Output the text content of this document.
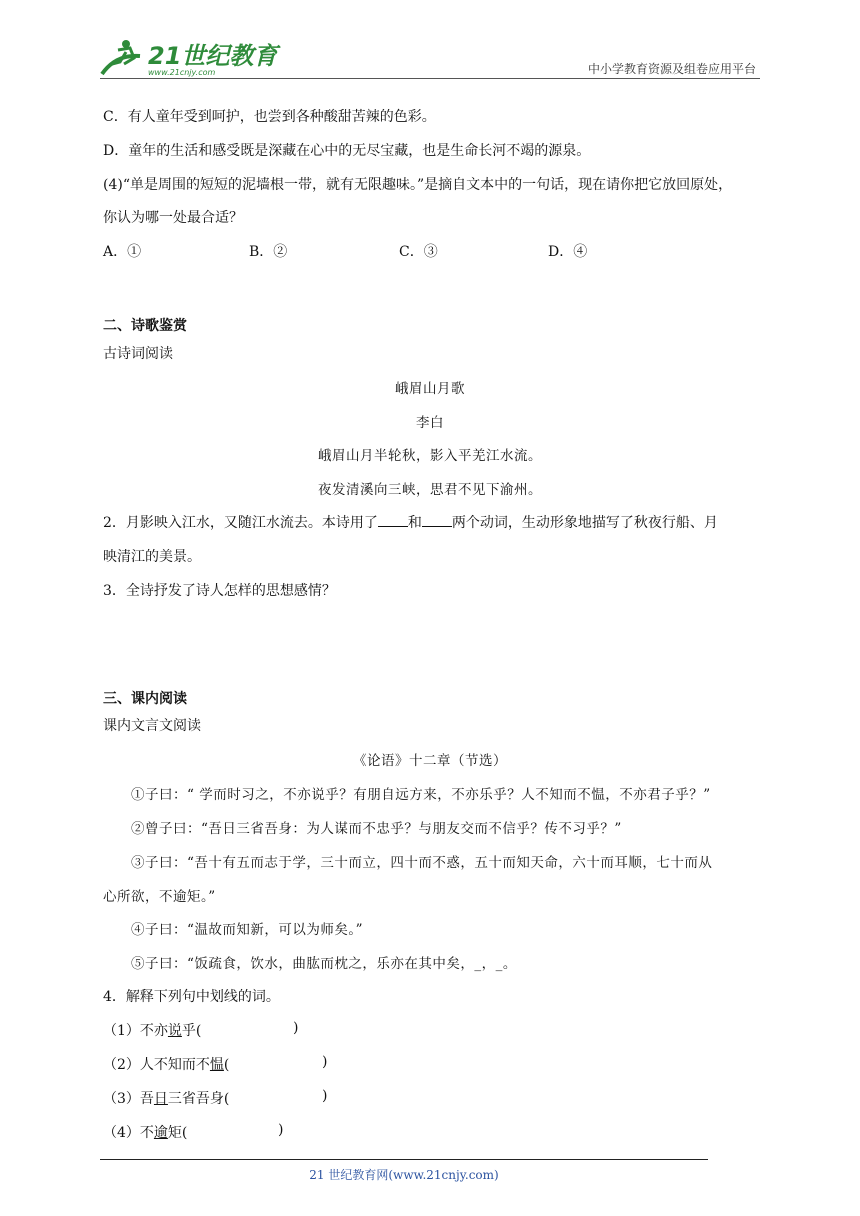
21世纪教育
www.21cnjy.com	中小学教育资源及组卷应用平台
C．有人童年受到呵护，也尝到各种酸甜苦辣的色彩。
D．童年的生活和感受既是深藏在心中的无尽宝藏，也是生命长河不竭的源泉。
(4)“单是周围的短短的泥墙根一带，就有无限趣味。”是摘自文本中的一句话，现在请你把它放回原处，
你认为哪一处最合适？
A．①	B．②	C．③	D．④
二、诗歌鉴赏
古诗词阅读
峨眉山月歌
李白
峨眉山月半轮秋，影入平羌江水流。
夜发清溪向三峡，思君不见下渝州。
2．月影映入江水，又随江水流去。本诗用了 和 两个动词，生动形象地描写了秋夜行船、月
映清江的美景。
3．全诗抒发了诗人怎样的思想感情？
三、课内阅读
课内文言文阅读
《论语》十二章（节选）
①子曰：“ 学而时习之，不亦说乎？有朋自远方来，不亦乐乎？人不知而不愠，不亦君子乎？”
②曾子曰：“吾日三省吾身：为人谋而不忠乎？与朋友交而不信乎？传不习乎？”
③子曰：“吾十有五而志于学，三十而立，四十而不惑，五十而知天命，六十而耳顺，七十而从
心所欲，不逾矩。”
④子曰：“温故而知新，可以为师矣。”
⑤子曰：“饭疏食，饮水，曲肱而枕之，乐亦在其中矣，_，_。
4．解释下列句中划线的词。
（1）不亦说乎(	)
（2）人不知而不愠(	)
（3）吾日三省吾身(	)
（4）不逾矩(	)
21 世纪教育网(www.21cnjy.com)
